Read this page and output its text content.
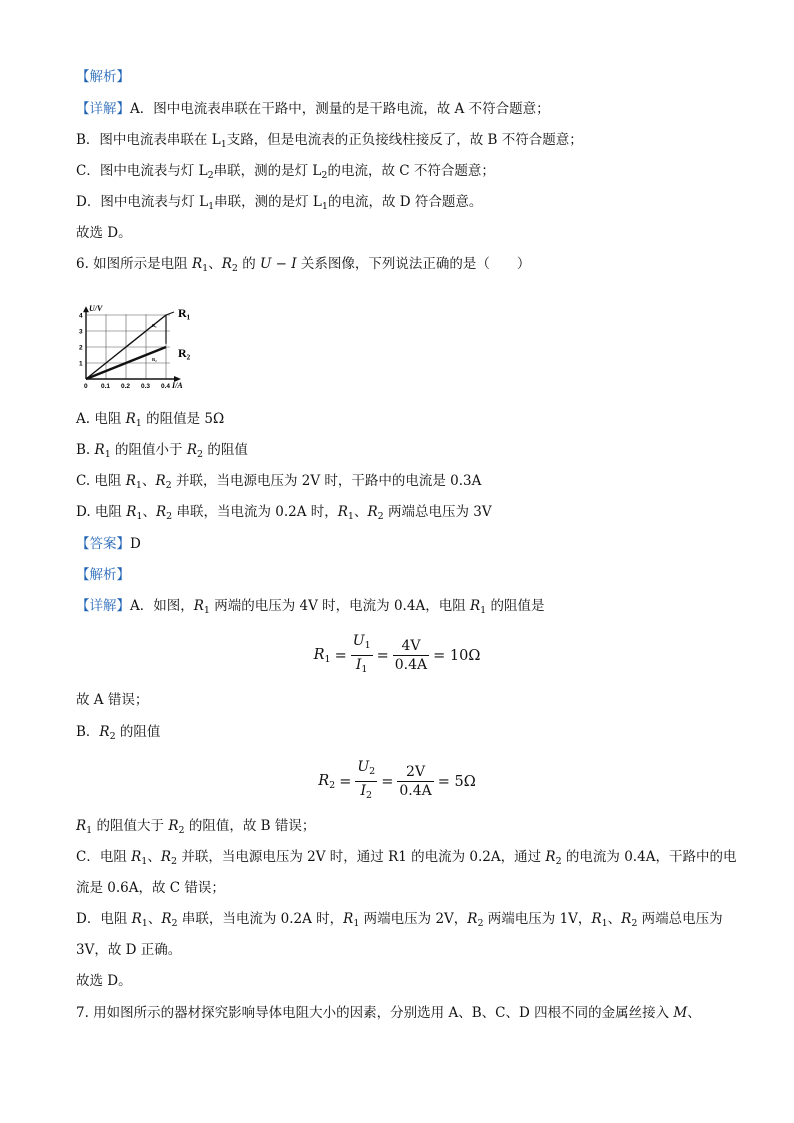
【解析】
【详解】A．图中电流表串联在干路中，测量的是干路电流，故 A 不符合题意；
B．图中电流表串联在 $L_1$支路，但是电流表的正负接线柱接反了，故 B 不符合题意；
C．图中电流表与灯 $L_2$串联，测的是灯 $L_2$的电流，故 C 不符合题意；
D．图中电流表与灯 $L_1$串联，测的是灯 $L_1$的电流，故 D 符合题意。
故选 D。
6. 如图所示是电阻 $R_1$、$R_2$ 的 U − I 关系图像，下列说法正确的是（　　）
0 0.1 0.2 0.3 0.4
1
2
3
4
R₁
R₁
R₂ R₂
U/V
I/A
A. 电阻 $R_1$ 的阻值是 5Ω
B. $R_1$ 的阻值小于 $R_2$ 的阻值
C. 电阻 $R_1$、$R_2$ 并联，当电源电压为 2V 时，干路中的电流是 0.3A
D. 电阻 $R_1$、$R_2$ 串联，当电流为 0.2A 时，$R_1$、$R_2$ 两端总电压为 3V
【答案】D
【解析】
【详解】A．如图，$R_1$ 两端的电压为 4V 时，电流为 0.4A，电阻 $R_1$ 的阻值是
$R_1 = \frac{U_1}{I_1} = \frac{4V}{0.4A} = 10\Omega$
故 A 错误；
B．$R_2$ 的阻值
$R_2 = \frac{U_2}{I_2} = \frac{2V}{0.4A} = 5\Omega$
$R_1$ 的阻值大于 $R_2$ 的阻值，故 B 错误；
C．电阻 $R_1$、$R_2$ 并联，当电源电压为 2V 时，通过 R1 的电流为 0.2A，通过 $R_2$ 的电流为 0.4A，干路中的电
流是 0.6A，故 C 错误；
D．电阻 $R_1$、$R_2$ 串联，当电流为 0.2A 时，$R_1$ 两端电压为 2V，$R_2$ 两端电压为 1V，$R_1$、$R_2$ 两端总电压为
3V，故 D 正确。
故选 D。
7. 用如图所示的器材探究影响导体电阻大小的因素，分别选用 A、B、C、D 四根不同的金属丝接入 M、
